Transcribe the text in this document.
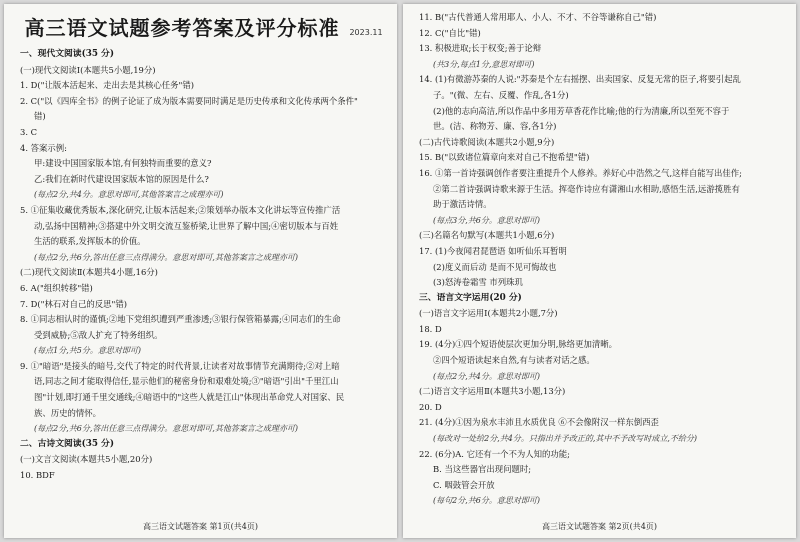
高三语文试题参考答案及评分标准 2023.11
一、现代文阅读(35 分)
(一)现代文阅读Ⅰ(本题共5小题,19分)
1. D("让版本活起来、走出去是其核心任务"错)
2. C("以《四库全书》的例子论证了成为版本需要同时满足是历史传承和文化传承两个条件"
错)
3. C
4. 答案示例:
甲:建设中国国家版本馆,有何独特而重要的意义?
乙:我们在新时代建设国家版本馆的原因是什么?
(每点2分,共4分。意思对即可,其他答案言之成理亦可)
5. ①征集收藏优秀版本,深化研究,让版本活起来;②策划举办版本文化讲坛等宣传推广活
动,弘扬中国精神;③搭建中外文明交流互鉴桥梁,让世界了解中国;④密切版本与百姓
生活的联系,发挥版本的价值。
(每点2分,共6分,答出任意三点得满分。意思对即可,其他答案言之成理亦可)
(二)现代文阅读Ⅱ(本题共4小题,16分)
6. A("组织转移"错)
7. D("林石对自己的反思"错)
8. ①同志相认时的谨慎;②地下党组织遭到严重渗透;③银行保管箱暴露;④同志们的生命
受到威胁;⑤敌人扩充了特务组织。
(每点1分,共5分。意思对即可)
9. ①"暗语"是接头的暗号,交代了特定的时代背景,让读者对故事情节充满期待;②对上暗
语,同志之间才能取得信任,显示他们的秘密身份和艰难处境;③"暗语"引出"千里江山
图"计划,即打通千里交通线;④暗语中的"这些人就是江山"体现出革命党人对国家、民
族、历史的情怀。
(每点2分,共6分,答出任意三点得满分。意思对即可,其他答案言之成理亦可)
二、古诗文阅读(35 分)
(一)文言文阅读(本题共5小题,20分)
10. BDF
高三语文试题答案 第1页(共4页)
11. B("古代普通人常用耶人、小人、不才、不谷等谦称自己"错)
12. C("自比"错)
13. 积极进取;长于权变;善于论辩
(共3分,每点1分,意思对即可)
14. (1)有微游苏秦的人说:"苏秦是个左右摇摆、出卖国家、反复无常的臣子,将要引起乱
子。"(微、左右、反覆、作乱,各1分)
(2)他的志向高洁,所以作品中多用芳草香花作比喻;他的行为清廉,所以至死不容于
世。(洁、称物芳、廉、容,各1分)
(二)古代诗歌阅读(本题共2小题,9分)
15. B("以致诸位篇章向来对自己不抱希望"错)
16. ①第一首诗强调创作者要注重提升个人修养。养好心中浩然之气,这样自能写出佳作;
②第二首诗强调诗歌来源于生活。挥毫作诗应有潇湘山水相助,感悟生活,远游揽胜有
助于激活诗情。
(每点3分,共6分。意思对即可)
(三)名篇名句默写(本题共1小题,6分)
17. (1)今夜闻君琵琶语 如听仙乐耳暂明
(2)度义而后动 是而不见可悔故也
(3)怒涛卷霜雪 市列珠玑
三、语言文字运用(20 分)
(一)语言文字运用Ⅰ(本题共2小题,7分)
18. D
19. (4分)①四个短语使层次更加分明,脉络更加清晰。
②四个短语读起来自然,有与读者对话之感。
(每点2分,共4分。意思对即可)
(二)语言文字运用Ⅱ(本题共3小题,13分)
20. D
21. (4分)①因为泉水丰沛且水质优良 ⑥不会像附汉一样东倒西歪
(每改对一处给2分,共4分。只指出并予改正的,其中不予改写时成立,不给分)
22. (6分)A. 它还有一个不为人知的功能;
B. 当这些器官出现问题时;
C. 咽鼓管会开放
(每句2分,共6分。意思对即可)
高三语文试题答案 第2页(共4页)
